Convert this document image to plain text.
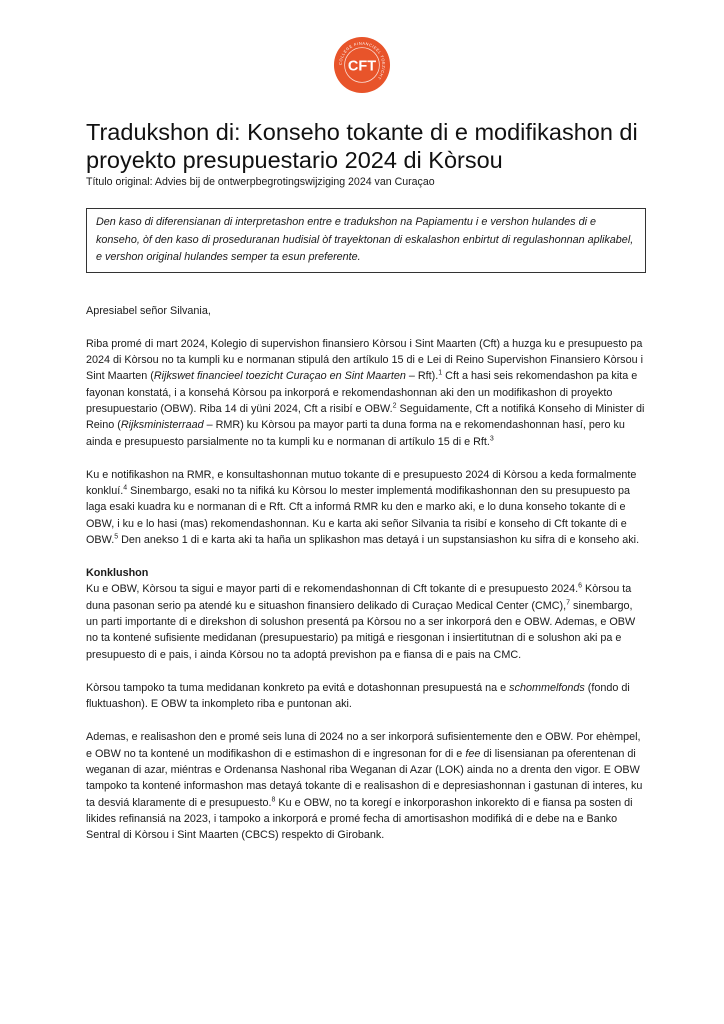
COLLEGE FINANCIEEL TOEZICHT
CFT
Tradukshon di: Konseho tokante di e modifikashon di proyekto presupuestario 2024 di Kòrsou
Título original: Advies bij de ontwerpbegrotingswijziging 2024 van Curaçao
Den kaso di diferensianan di interpretashon entre e tradukshon na Papiamentu i e vershon hulandes di e konseho, òf den kaso di proseduranan hudisial òf trayektonan di eskalashon enbirtut di regulashonnan aplikabel, e vershon original hulandes semper ta esun preferente.

Apresiabel señor Silvania,

Riba promé di mart 2024, Kolegio di supervishon finansiero Kòrsou i Sint Maarten (Cft) a huzga ku e presupuesto pa 2024 di Kòrsou no ta kumpli ku e normanan stipulá den artíkulo 15 di e Lei di Reino Supervishon Finansiero Kòrsou i Sint Maarten (Rijkswet financieel toezicht Curaçao en Sint Maarten – Rft).$^1$ Cft a hasi seis rekomendashon pa kita e fayonan konstatá, i a konsehá Kòrsou pa inkorporá e rekomendashonnan aki den un modifikashon di proyekto presupuestario (OBW). Riba 14 di yüni 2024, Cft a risibí e OBW.$^2$ Seguidamente, Cft a notifiká Konseho di Minister di Reino (Rijksministerraad – RMR) ku Kòrsou pa mayor parti ta duna forma na e rekomendashonnan hasí, pero ku ainda e presupuesto parsialmente no ta kumpli ku e normanan di artíkulo 15 di e Rft.$^3$

Ku e notifikashon na RMR, e konsultashonnan mutuo tokante di e presupuesto 2024 di Kòrsou a keda formalmente konkluí.$^4$ Sinembargo, esaki no ta nifiká ku Kòrsou lo mester implementá modifikashonnan den su presupuesto pa laga esaki kuadra ku e normanan di e Rft. Cft a informá RMR ku den e marko aki, e lo duna konseho tokante di e OBW, i ku e lo hasi (mas) rekomendashonnan. Ku e karta aki señor Silvania ta risibí e konseho di Cft tokante di e OBW.$^5$ Den anekso 1 di e karta aki ta haña un splikashon mas detayá i un supstansiashon ku sifra di e konseho aki.

Konklushon

Ku e OBW, Kòrsou ta sigui e mayor parti di e rekomendashonnan di Cft tokante di e presupuesto 2024.$^6$ Kòrsou ta duna pasonan serio pa atendé ku e situashon finansiero delikado di Curaçao Medical Center (CMC),$^7$ sinembargo, un parti importante di e direkshon di solushon presentá pa Kòrsou no a ser inkorporá den e OBW. Ademas, e OBW no ta kontené sufisiente medidanan (presupuestario) pa mitigá e riesgonan i insiertitutnan di e solushon aki pa e presupuesto di e pais, i ainda Kòrsou no ta adoptá previshon pa e fiansa di e pais na CMC.

Kòrsou tampoko ta tuma medidanan konkreto pa evitá e dotashonnan presupuestá na e schommelfonds (fondo di fluktuashon). E OBW ta inkompleto riba e puntonan aki.

Ademas, e realisashon den e promé seis luna di 2024 no a ser inkorporá sufisientemente den e OBW. Por ehèmpel, e OBW no ta kontené un modifikashon di e estimashon di e ingresonan for di e fee di lisensianan pa oferentenan di weganan di azar, miéntras e Ordenansa Nashonal riba Weganan di Azar (LOK) ainda no a drenta den vigor. E OBW tampoko ta kontené informashon mas detayá tokante di e realisashon di e depresiashonnan i gastunan di interes, ku ta desviá klaramente di e presupuesto.$^8$ Ku e OBW, no ta koregí e inkorporashon inkorekto di e fiansa pa sosten di likides refinansiá na 2023, i tampoko a inkorporá e promé fecha di amortisashon modifiká di e debe na e Banko Sentral di Kòrsou i Sint Maarten (CBCS) respekto di Girobank.
